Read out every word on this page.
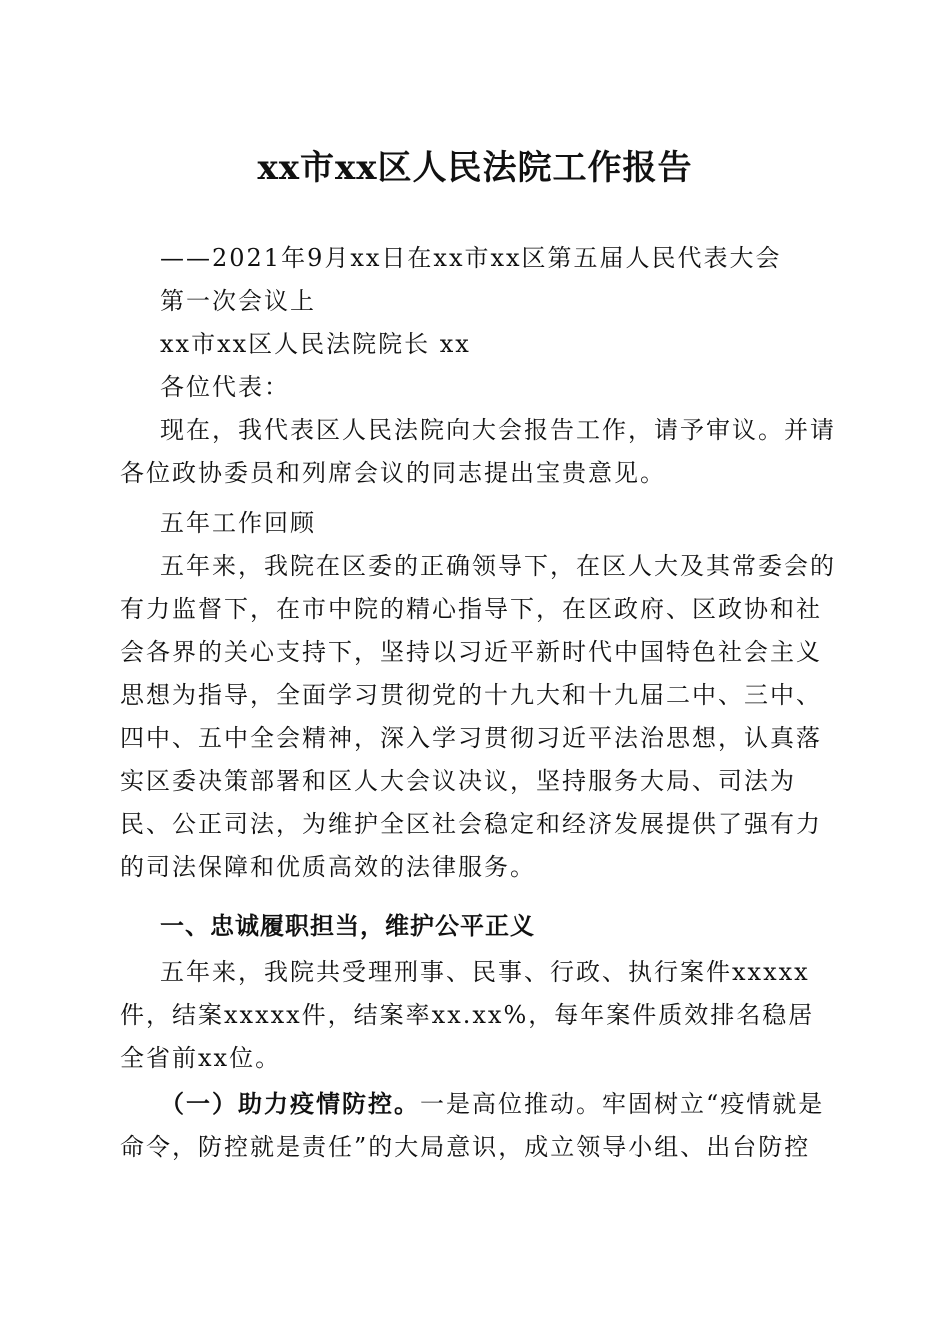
xx市xx区人民法院工作报告

——2021年9月xx日在xx市xx区第五届人民代表大会

第一次会议上

xx市xx区人民法院院长 xx

各位代表：

现在，我代表区人民法院向大会报告工作，请予审议。并请各位政协委员和列席会议的同志提出宝贵意见。

五年工作回顾

五年来，我院在区委的正确领导下，在区人大及其常委会的有力监督下，在市中院的精心指导下，在区政府、区政协和社会各界的关心支持下，坚持以习近平新时代中国特色社会主义思想为指导，全面学习贯彻党的十九大和十九届二中、三中、四中、五中全会精神，深入学习贯彻习近平法治思想，认真落实区委决策部署和区人大会议决议，坚持服务大局、司法为民、公正司法，为维护全区社会稳定和经济发展提供了强有力的司法保障和优质高效的法律服务。

一、忠诚履职担当，维护公平正义

五年来，我院共受理刑事、民事、行政、执行案件xxxxx件，结案xxxxx件，结案率xx.xx%，每年案件质效排名稳居全省前xx位。

（一）助力疫情防控。一是高位推动。牢固树立“疫情就是命令，防控就是责任”的大局意识，成立领导小组、出台防控
